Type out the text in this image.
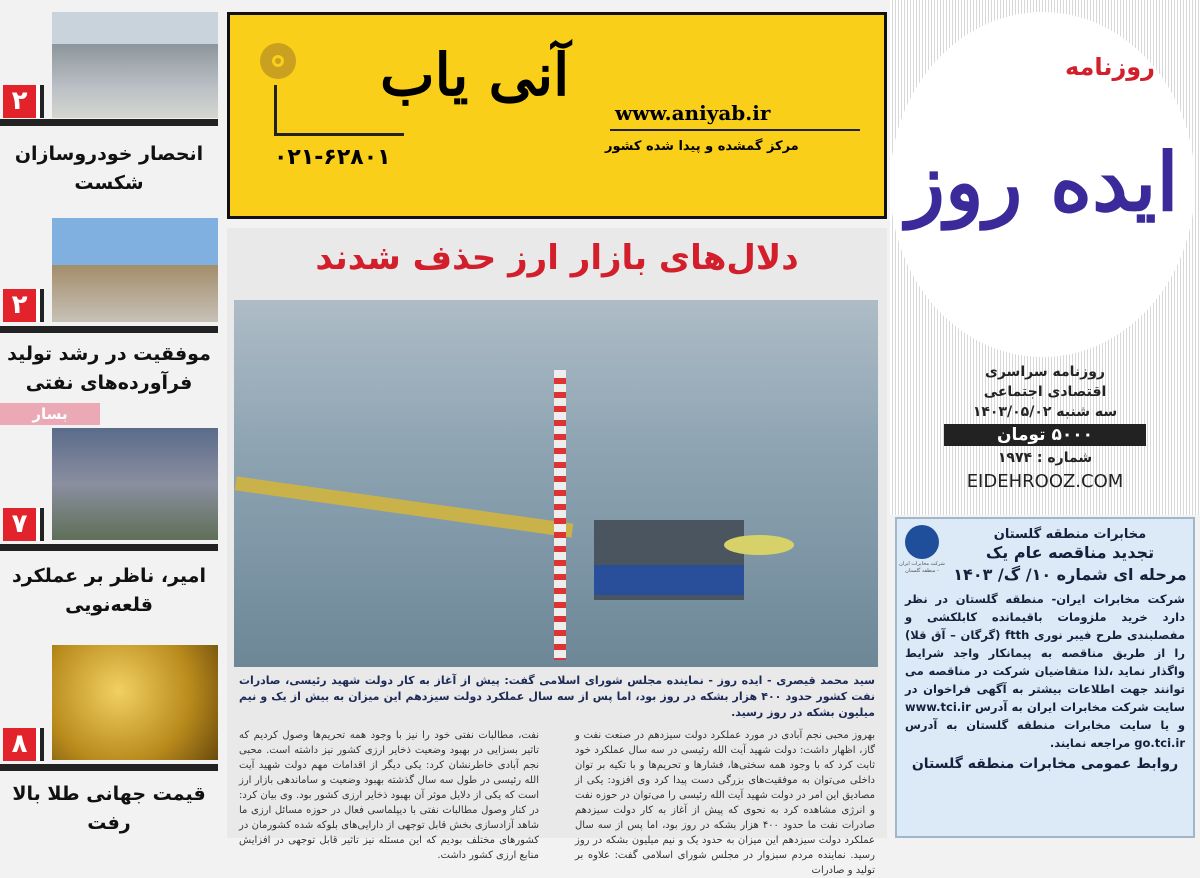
۲
انحصار خودروسازان شکست
۲
موفقیت در رشد تولید فرآورده‌های نفتی
بسار
۷
امیر، ناظر بر عملکرد قلعه‌نویی
۸
قیمت جهانی طلا بالا رفت
۰۲۱-۶۲۸۰۱
آنی یاب
www.aniyab.ir
مرکز گمشده و پیدا شده کشور
دلال‌های بازار ارز حذف شدند
سید محمد قیصری - ایده روز - نماینده مجلس شورای اسلامی گفت: پیش از آغاز به کار دولت شهید رئیسی، صادرات نفت کشور حدود ۴۰۰ هزار بشکه در روز بود، اما پس از سه سال عملکرد دولت سیزدهم این میزان به بیش از یک و نیم میلیون بشکه در روز رسید.
بهروز محبی نجم آبادی در مورد عملکرد دولت سیزدهم در صنعت نفت و گاز، اظهار داشت: دولت شهید آیت الله رئیسی در سه سال عملکرد خود ثابت کرد که با وجود همه سختی‌ها، فشارها و تحریم‌ها و با تکیه بر توان داخلی می‌توان به موفقیت‌های بزرگی دست پیدا کرد وی افزود: یکی از مصادیق این امر در دولت شهید آیت الله رئیسی را می‌توان در حوزه نفت و انرژی مشاهده کرد به نحوی که پیش از آغاز به کار دولت سیزدهم صادرات نفت ما حدود ۴۰۰ هزار بشکه در روز بود، اما پس از سه سال عملکرد دولت سیزدهم این میزان به حدود یک و نیم میلیون بشکه در روز رسید. نماینده مردم سبزوار در مجلس شورای اسلامی گفت: علاوه بر تولید و صادرات
نفت، مطالبات نفتی خود را نیز با وجود همه تحریم‌ها وصول کردیم که تاثیر بسزایی در بهبود وضعیت ذخایر ارزی کشور نیز داشته است. محبی نجم آبادی خاطرنشان کرد: یکی دیگر از اقدامات مهم دولت شهید آیت الله رئیسی در طول سه سال گذشته بهبود وضعیت و ساماندهی بازار ارز است که یکی از دلایل موثر آن بهبود ذخایر ارزی کشور بود. وی بیان کرد: در کنار وصول مطالبات نفتی با دیپلماسی فعال در حوزه مسائل ارزی ما شاهد آزادسازی بخش قابل توجهی از دارایی‌های بلوکه شده کشورمان در کشورهای مختلف بودیم که این مسئله نیز تاثیر قابل توجهی در افزایش منابع ارزی کشور داشت.
روزنامه
ایده روز
روزنامه سراسری
اقتصادی اجتماعی
سه شنبه ۱۴۰۳/۰۵/۰۲
۵۰۰۰ تومان
شماره : ۱۹۷۴
EIDEHROOZ.COM
شرکت مخابرات ایران - منطقه گلستان
مخابرات منطقه گلستان
تجدید مناقصه عام یک
مرحله ای شماره ۱۰/ گ/ ۱۴۰۳
شرکت مخابرات ایران- منطقه گلستان در نظر دارد خرید ملزومات باقیمانده کابلکشی و مفصلبندی طرح فیبر نوری ftth (گرگان – آق قلا) را از طریق مناقصه به پیمانکار واجد شرایط واگذار نماید ،لذا متقاضیان شرکت در مناقصه می توانند جهت اطلاعات بیشتر به آگهی فراخوان در سایت شرکت مخابرات ایران به آدرس www.tci.ir و یا سایت مخابرات منطقه گلستان به آدرس go.tci.ir مراجعه نمایند.
روابط عمومی مخابرات منطقه گلستان
